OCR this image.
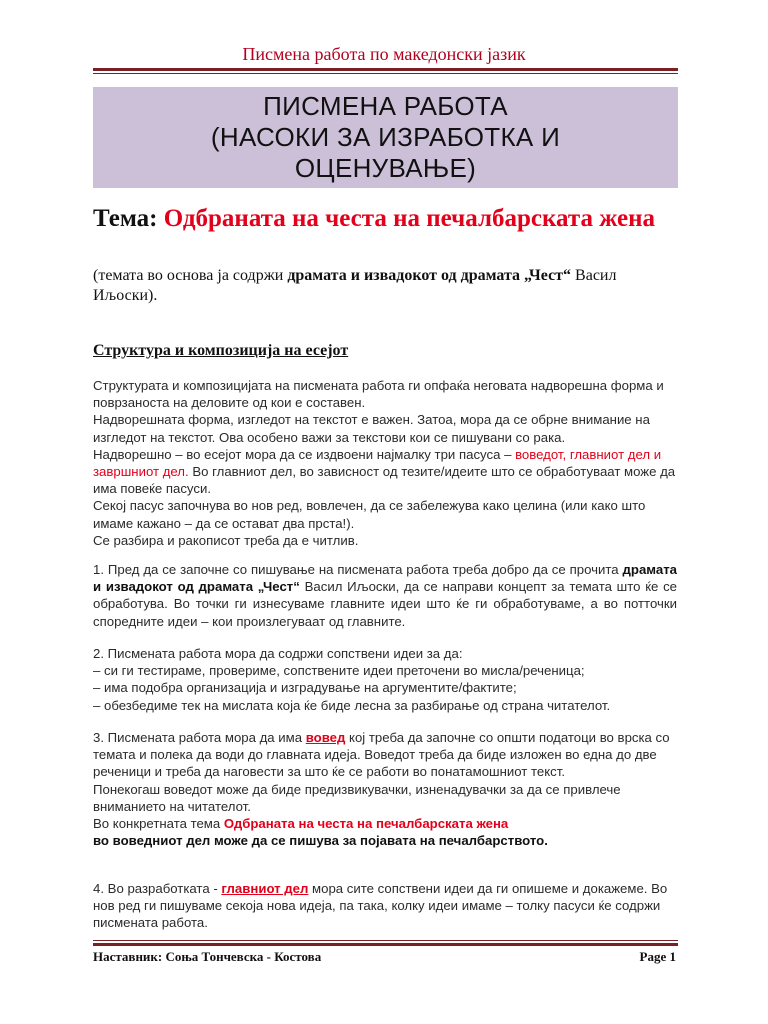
Писмена работа по македонски јазик
ПИСМЕНА РАБОТА
(НАСОКИ ЗА ИЗРАБОТКА И
ОЦЕНУВАЊЕ)
Тема: Одбраната на честа на печалбарската жена
(темата во основа ја содржи драмата и извадокот од драмата „Чест“ Васил Иљоски).
Структура и композиција на есејот

Структурата и композицијата на писмената работа ги опфаќа неговата надворешна форма и поврзаноста на деловите од кои е составен.

Надворешната форма, изгледот на текстот е важен. Затоа, мора да се обрне внимание на изгледот на текстот. Ова особено важи за текстови кои се пишувани со рака.

Надворешно – во есејот мора да се издвоени најмалку три пасуса – воведот, главниот дел и завршниот дел. Во главниот дел, во зависност од тезите/идеите што се обработуваат може да има повеќе пасуси.

Секој пасус започнува во нов ред, вовлечен, да се забележува како целина (или како што имаме кажано – да се остават два прста!).

Се разбира и ракописот треба да е читлив.

1. Пред да се започне со пишување на писмената работа треба добро да се прочита драмата и извадокот од драмата „Чест“ Васил Иљоски, да се направи концепт за темата што ќе се обработува. Во точки ги изнесуваме главните идеи што ќе ги обработуваме, а во потточки споредните идеи – кои произлегуваат од главните.

2. Писмената работа мора да содржи сопствени идеи за да:

– си ги тестираме, провериме, сопствените идеи преточени во мисла/реченица;

– има подобра организација и изградување на аргументите/фактите;

– обезбедиме тек на мислата која ќе биде лесна за разбирање од страна читателот.

3. Писмената работа мора да има вовед кој треба да започне со општи податоци во врска со темата и полека да води до главната идеја. Воведот треба да биде изложен во една до две реченици и треба да наговести за што ќе се работи во понатамошниот текст.

Понекогаш воведот може да биде предизвикувачки, изненадувачки за да се привлече вниманието на читателот.

Во конкретната тема Одбраната на честа на печалбарската жена

во воведниот дел може да се пишува за појавата на печалбарството.

4. Во разработката - главниот дел мора сите сопствени идеи да ги опишеме и докажеме. Во нов ред ги пишуваме секоја нова идеја, па така, колку идеи имаме – толку пасуси ќе содржи писмената работа.

Наставник: Соња Тончевска - Костова	Page 1
